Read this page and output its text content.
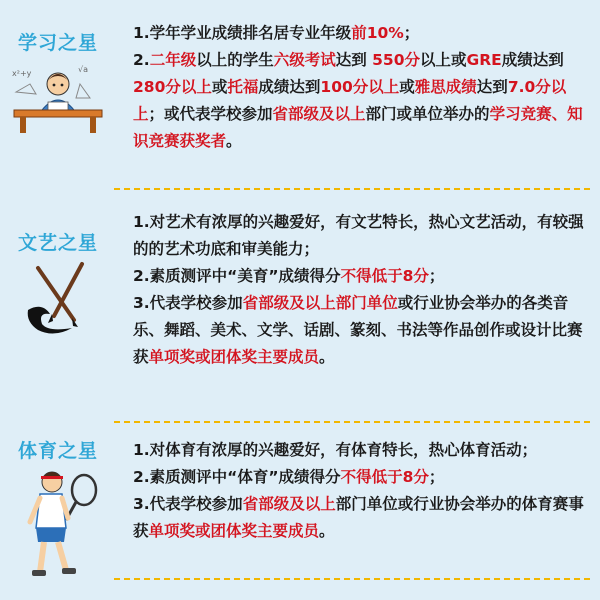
学习之星
x²+y	√a

1.学年学业成绩排名居专业年级前10%；

2.二年级以上的学生六级考试达到 550分以上或GRE成绩达到280分以上或托福成绩达到100分以上或雅思成绩达到7.0分以上；或代表学校参加省部级及以上部门或单位举办的学习竞赛、知识竞赛获奖者。

文艺之星

1.对艺术有浓厚的兴趣爱好，有文艺特长，热心文艺活动，有较强的的艺术功底和审美能力；

2.素质测评中“美育”成绩得分不得低于8分；

3.代表学校参加省部级及以上部门单位或行业协会举办的各类音乐、舞蹈、美术、文学、话剧、篆刻、书法等作品创作或设计比赛获单项奖或团体奖主要成员。

体育之星	1.对体育有浓厚的兴趣爱好，有体育特长，热心体育活动；

2.素质测评中“体育”成绩得分不得低于8分；

3.代表学校参加省部级及以上部门单位或行业协会举办的体育赛事获单项奖或团体奖主要成员。
